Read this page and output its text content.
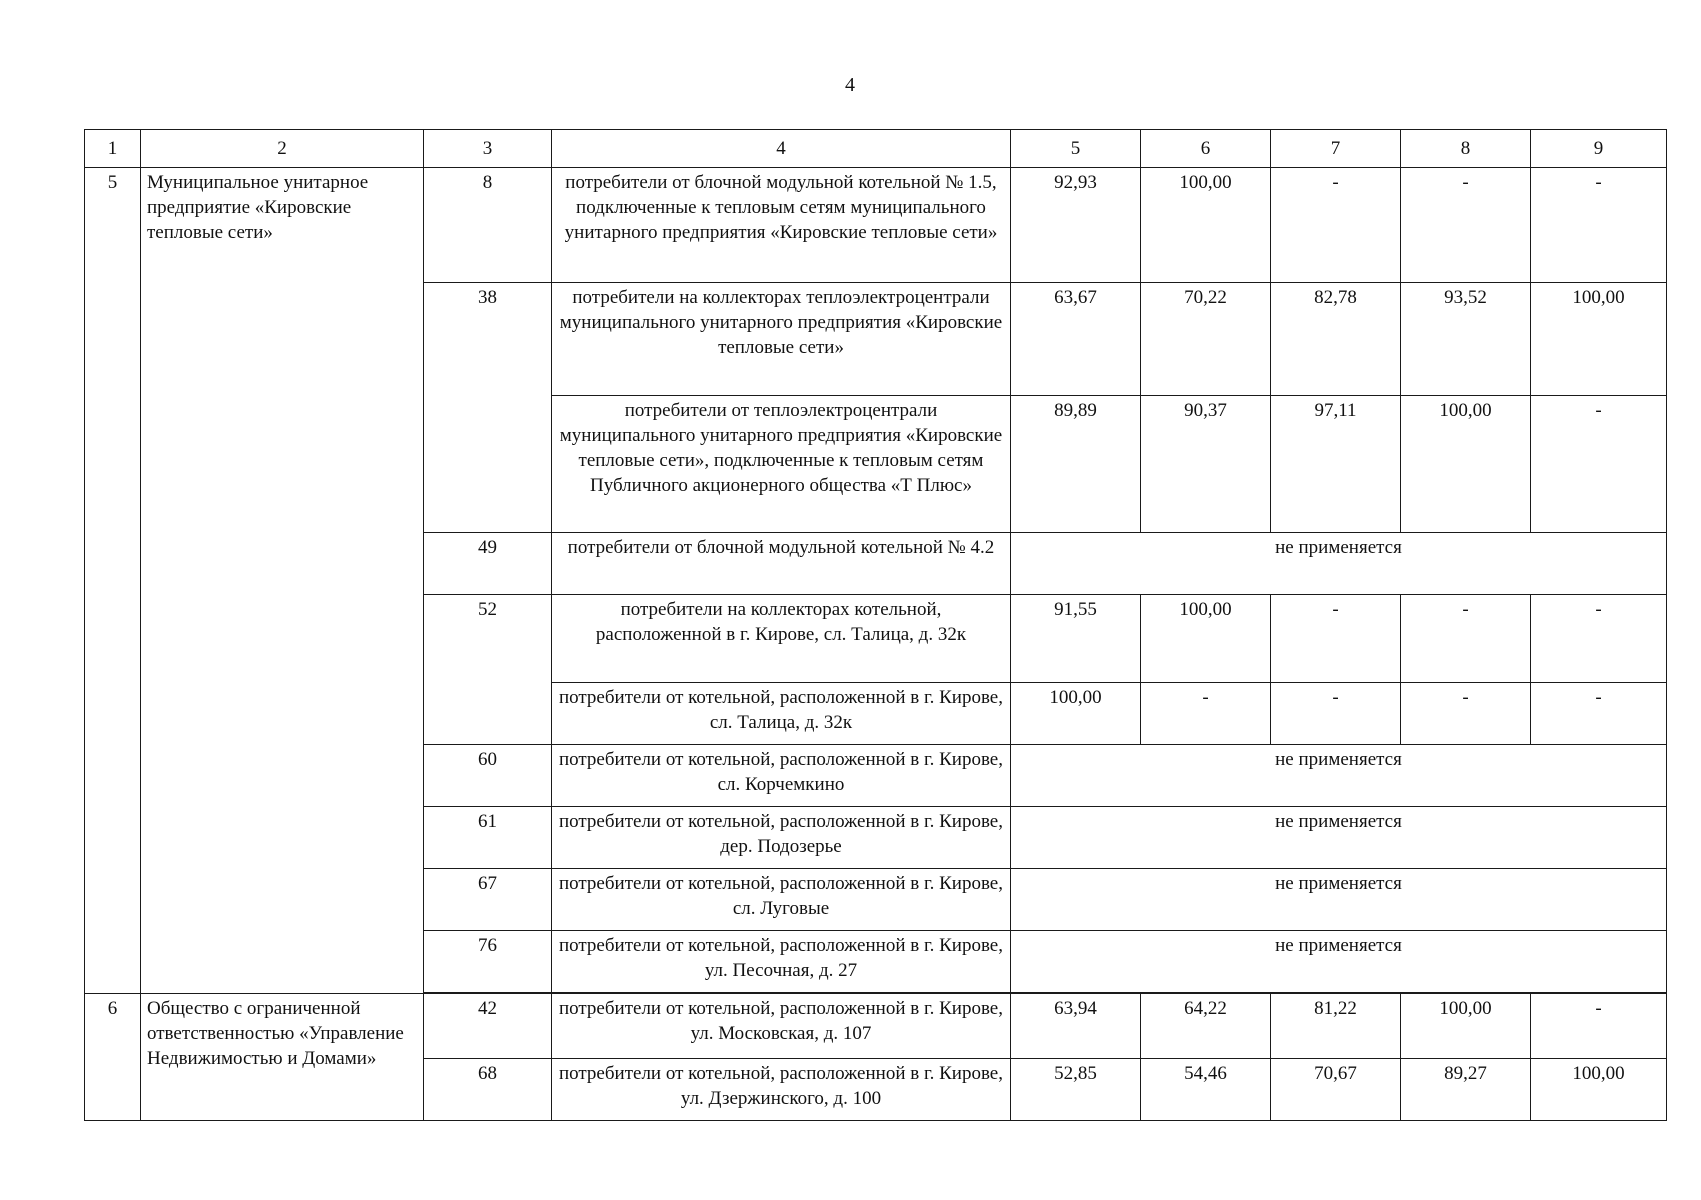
4
1	2	3	4	5	6	7	8	9
5	Муниципальное унитарное предприятие «Кировские тепловые сети»	8	потребители от блочной модульной котельной № 1.5, подключенные к тепловым сетям муниципального унитарного предприятия «Кировские тепловые сети»	92,93	100,00	-	-	-
		38	потребители на коллекторах теплоэлектроцентрали муниципального унитарного предприятия «Кировские тепловые сети»	63,67	70,22	82,78	93,52	100,00
			потребители от теплоэлектроцентрали муниципального унитарного предприятия «Кировские тепловые сети», подключенные к тепловым сетям Публичного акционерного общества «Т Плюс»	89,89	90,37	97,11	100,00	-
		49	потребители от блочной модульной котельной № 4.2	не применяется				
		52	потребители на коллекторах котельной, расположенной в г. Кирове, сл. Талица, д. 32к	91,55	100,00	-	-	-
			потребители от котельной, расположенной в г. Кирове, сл. Талица, д. 32к	100,00	-	-	-	-
		60	потребители от котельной, расположенной в г. Кирове, сл. Корчемкино	не применяется				
		61	потребители от котельной, расположенной в г. Кирове, дер. Подозерье	не применяется				
		67	потребители от котельной, расположенной в г. Кирове, сл. Луговые	не применяется				
		76	потребители от котельной, расположенной в г. Кирове, ул. Песочная, д. 27	не применяется				

6	Общество с ограниченной ответственностью «Управление Недвижимостью и Домами»	42	потребители от котельной, расположенной в г. Кирове, ул. Московская, д. 107	63,94	64,22	81,22	100,00	-
		68	потребители от котельной, расположенной в г. Кирове, ул. Дзержинского, д. 100	52,85	54,46	70,67	89,27	100,00
